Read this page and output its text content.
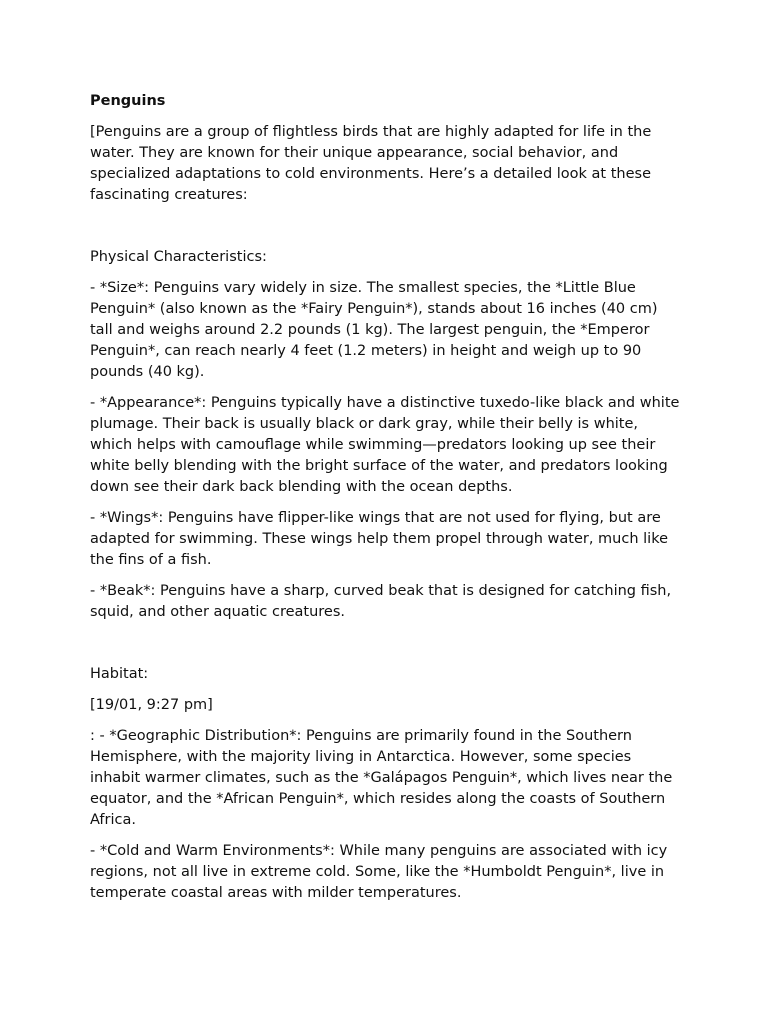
Penguins

[Penguins are a group of flightless birds that are highly adapted for life in the water. They are known for their unique appearance, social behavior, and specialized adaptations to cold environments. Here’s a detailed look at these fascinating creatures:

Physical Characteristics:

- *Size*: Penguins vary widely in size. The smallest species, the *Little Blue Penguin* (also known as the *Fairy Penguin*), stands about 16 inches (40 cm) tall and weighs around 2.2 pounds (1 kg). The largest penguin, the *Emperor Penguin*, can reach nearly 4 feet (1.2 meters) in height and weigh up to 90 pounds (40 kg).

- *Appearance*: Penguins typically have a distinctive tuxedo-like black and white plumage. Their back is usually black or dark gray, while their belly is white, which helps with camouflage while swimming—predators looking up see their white belly blending with the bright surface of the water, and predators looking down see their dark back blending with the ocean depths.

- *Wings*: Penguins have flipper-like wings that are not used for flying, but are adapted for swimming. These wings help them propel through water, much like the fins of a fish.

- *Beak*: Penguins have a sharp, curved beak that is designed for catching fish, squid, and other aquatic creatures.

Habitat:

[19/01, 9:27 pm]

: - *Geographic Distribution*: Penguins are primarily found in the Southern Hemisphere, with the majority living in Antarctica. However, some species inhabit warmer climates, such as the *Galápagos Penguin*, which lives near the equator, and the *African Penguin*, which resides along the coasts of Southern Africa.

- *Cold and Warm Environments*: While many penguins are associated with icy regions, not all live in extreme cold. Some, like the *Humboldt Penguin*, live in temperate coastal areas with milder temperatures.
